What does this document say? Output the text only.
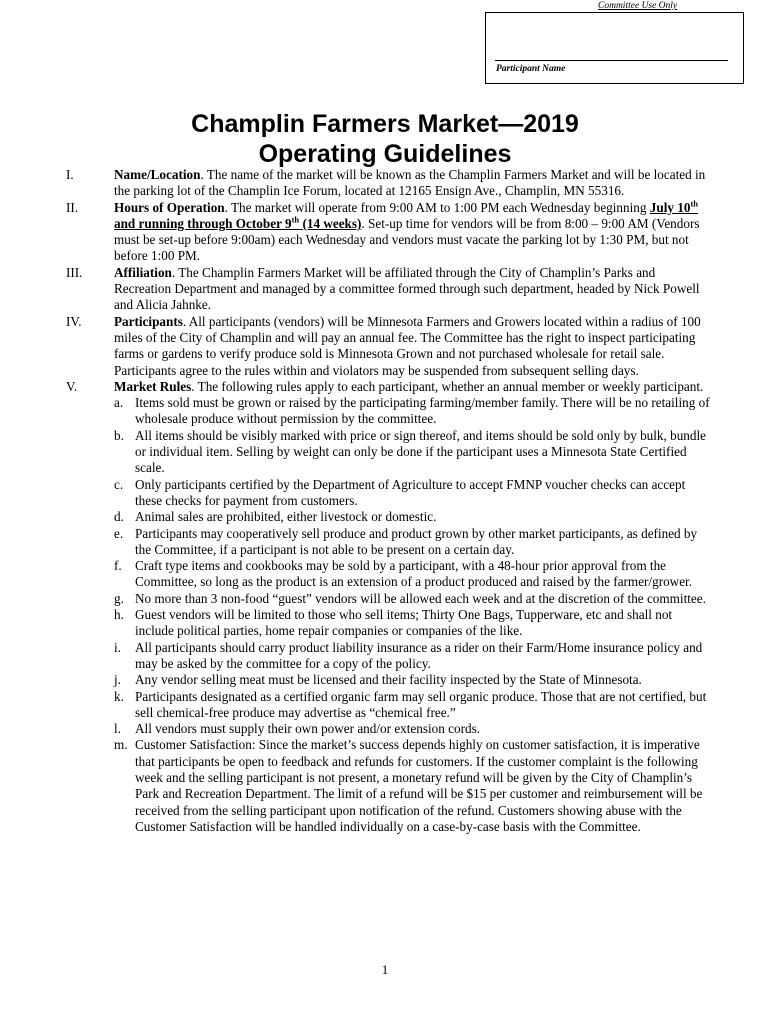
Committee Use Only
Participant Name
Champlin Farmers Market—2019
Operating Guidelines
I.	Name/Location. The name of the market will be known as the Champlin Farmers Market and will be located in the parking lot of the Champlin Ice Forum, located at 12165 Ensign Ave., Champlin, MN 55316.
II.	Hours of Operation. The market will operate from 9:00 AM to 1:00 PM each Wednesday beginning July 10th and running through October 9th (14 weeks). Set-up time for vendors will be from 8:00 – 9:00 AM (Vendors must be set-up before 9:00am) each Wednesday and vendors must vacate the parking lot by 1:30 PM, but not before 1:00 PM.
III. Affiliation. The Champlin Farmers Market will be affiliated through the City of Champlin’s Parks and Recreation Department and managed by a committee formed through such department, headed by Nick Powell and Alicia Jahnke.
IV. Participants. All participants (vendors) will be Minnesota Farmers and Growers located within a radius of 100 miles of the City of Champlin and will pay an annual fee. The Committee has the right to inspect participating farms or gardens to verify produce sold is Minnesota Grown and not purchased wholesale for retail sale. Participants agree to the rules within and violators may be suspended from subsequent selling days.
V.	Market Rules. The following rules apply to each participant, whether an annual member or weekly participant.
a. Items sold must be grown or raised by the participating farming/member family. There will be no retailing of wholesale produce without permission by the committee.
b. All items should be visibly marked with price or sign thereof, and items should be sold only by bulk, bundle or individual item. Selling by weight can only be done if the participant uses a Minnesota State Certified scale.
c. Only participants certified by the Department of Agriculture to accept FMNP voucher checks can accept these checks for payment from customers.
d. Animal sales are prohibited, either livestock or domestic.
e. Participants may cooperatively sell produce and product grown by other market participants, as defined by the Committee, if a participant is not able to be present on a certain day.
f. Craft type items and cookbooks may be sold by a participant, with a 48-hour prior approval from the Committee, so long as the product is an extension of a product produced and raised by the farmer/grower.
g. No more than 3 non-food “guest” vendors will be allowed each week and at the discretion of the committee.
h. Guest vendors will be limited to those who sell items; Thirty One Bags, Tupperware, etc and shall not include political parties, home repair companies or companies of the like.
i. All participants should carry product liability insurance as a rider on their Farm/Home insurance policy and may be asked by the committee for a copy of the policy.
j. Any vendor selling meat must be licensed and their facility inspected by the State of Minnesota.
k. Participants designated as a certified organic farm may sell organic produce. Those that are not certified, but sell chemical-free produce may advertise as “chemical free.”
l. All vendors must supply their own power and/or extension cords.
m. Customer Satisfaction: Since the market’s success depends highly on customer satisfaction, it is imperative that participants be open to feedback and refunds for customers. If the customer complaint is the following week and the selling participant is not present, a monetary refund will be given by the City of Champlin’s Park and Recreation Department. The limit of a refund will be $15 per customer and reimbursement will be received from the selling participant upon notification of the refund. Customers showing abuse with the Customer Satisfaction will be handled individually on a case-by-case basis with the Committee.
1
